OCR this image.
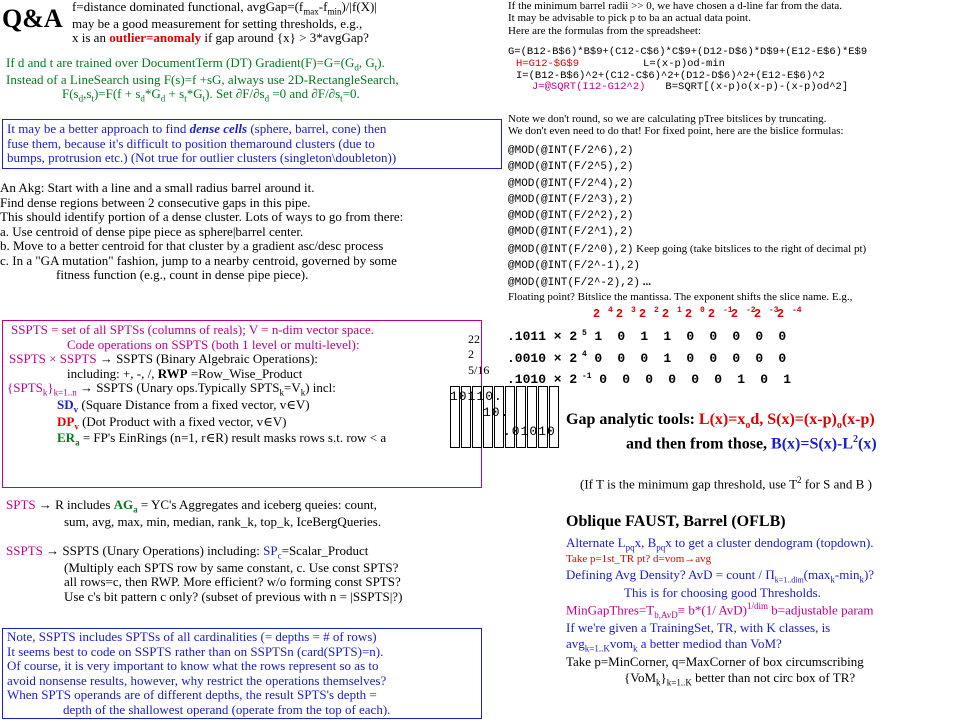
Q&A f=distance dominated functional, $avgGap=(f_{max}-f_{min})/|f(X)|$
may be a good measurement for setting thresholds, e.g.,
x is an outlier=anomaly if gap around {x} > 3*avgGap?
If d and t are trained over DocumentTerm (DT) $Gradient(F)=G=(G_d$, $G_t$).
Instead of a LineSearch using F(s)=f +sG, always use 2D-RectangleSearch,
$F(s_d,s_t)=F(f + s_d*G_d + s_t*G_t)$. Set $\partial F/\partial s_d =0$ and $\partial F/\partial s_t=0$.
It may be a better approach to find dense cells (sphere, barrel, cone) then
fuse them, because it's difficult to position themaround clusters (due to
bumps, protrusion etc.) (Not true for outlier clusters (singleton\doubleton))
An Akg: Start with a line and a small radius barrel around it.
Find dense regions between 2 consecutive gaps in this pipe.
This should identify portion of a dense cluster. Lots of ways to go from there:
a. Use centroid of dense pipe piece as sphere|barrel center.
b. Move to a better centroid for that cluster by a gradient asc/desc process
c. In a "GA mutation" fashion, jump to a nearby centroid, governed by some
fitness function (e.g., count in dense pipe piece).
SSPTS = set of all SPTSs (columns of reals); V = n-dim vector space.
Code operations on SSPTS (both 1 level or multi-level):
SSPTS × SSPTS → SSPTS (Binary Algebraic Operations):
including: +, -, /, RWP =Row_Wise_Product
$\{SPTS_k\}_{k=1..n}$ → SSPTS (Unary ops.Typically $SPTS_k=V_k$) incl:
$SD_v$ (Square Distance from a fixed vector, v∈V)
$DP_v$ (Dot Product with a fixed vector, v∈V)
$ER_a = FP's$ EinRings (n=1, r∈R) result masks rows s.t. row < a
SPTS → R includes $AG_a = YC's$ Aggregates and iceberg queies: count,
sum, avg, max, min, median, rank_k, top_k, IceBergQueries.
SSPTS → SSPTS (Unary Operations) including: $SP_c=Scalar\_Product$
(Multiply each SPTS row by same constant, c. Use const SPTS?
all rows=c, then RWP. More efficient? w/o forming const SPTS?
Use c's bit pattern c only? (subset of previous with n = |SSPTS|?)
Note, SSPTS includes SPTSs of all cardinalities (= depths = # of rows)
It seems best to code on SSPTS rather than on SSPTSn (card(SPTS)=n).
Of course, it is very important to know what the rows represent so as to
avoid nonsense results, however, why restrict the operations themselves?
When SPTS operands are of different depths, the result SPTS's depth =
depth of the shallowest operand (operate from the top of each).
22
2
5/16
10110.
10.
.01010
If the minimum barrel radii >> 0, we have chosen a d-line far from the data.
It may be advisable to pick p to ba an actual data point.
Here are the formulas from the spreadsheet:
G=(B12-B$6)*B$9+(C12-C$6)*C$9+(D12-D$6)*D$9+(E12-E$6)*E$9
H=G12-$G$9	L=(x-p)od-min
I=(B12-B$6)^2+(C12-C$6)^2+(D12-D$6)^2+(E12-E$6)^2
J=@SQRT(I12-G12^2) B=SQRT[(x-p)o(x-p)-(x-p)od^2]
Note we don't round, so we are calculating pTree bitslices by truncating.
We don't even need to do that! For fixed point, here are the bislice formulas:
@MOD(@INT(F/2^6),2)
@MOD(@INT(F/2^5),2)
@MOD(@INT(F/2^4),2)
@MOD(@INT(F/2^3),2)
@MOD(@INT(F/2^2),2)
@MOD(@INT(F/2^1),2)
@MOD(@INT(F/2^0),2) Keep going (take bitslices to the right of decimal pt)
@MOD(@INT(F/2^-1),2)
@MOD(@INT(F/2^-2),2) ...
Floating point? Bitslice the mantissa. The exponent shifts the slice name. E.g.,
2 $^4$ 2 $^3$ 2 $^2$ 2 $^1$ 2 $^0$ 2 $^{-1}$2 $^{-2}$2 $^{-3}$2 $^{-4}$
.1011 × 2 $^5$ 1 0 1 1 0 0 0 0 0
.0010 × 2 $^4$ 0 0 0 1 0 0 0 0 0
.1010 × 2 $^{-1}$ 0 0 0 0 0 0 1 0 1
Gap analytic tools: $L(x)=x_od$, $S(x)=(x-p)_o(x-p)$
and then from those, $B(x)=S(x)-L^2(x)$
(If T is the minimum gap threshold, use $T^2$ for S and B )
Oblique FAUST, Barrel (OFLB)
Alternate $L_{pq}x$, $B_{pq}x$ to get a cluster dendogram (topdown).
Take p=1st_TR pt? d=vom→avg
Defining Avg Density? AvD = count / $\Pi_{k=1..dim}(\max_k-\min_k)$?
This is for choosing good Thresholds.
$MinGapThres=T_{b,AvD}\equiv b*(1/$ AvD)$^{1/dim}$ b=adjustable param
If we're given a TrainingSet, TR, with K classes, is
avg$_{k=1..K}$vom$_k$ a better mediod than VoM?
Take p=MinCorner, q=MaxCorner of box circumscribing
$\{VoM_k\}_{k=1..K}$ better than not circ box of TR?
